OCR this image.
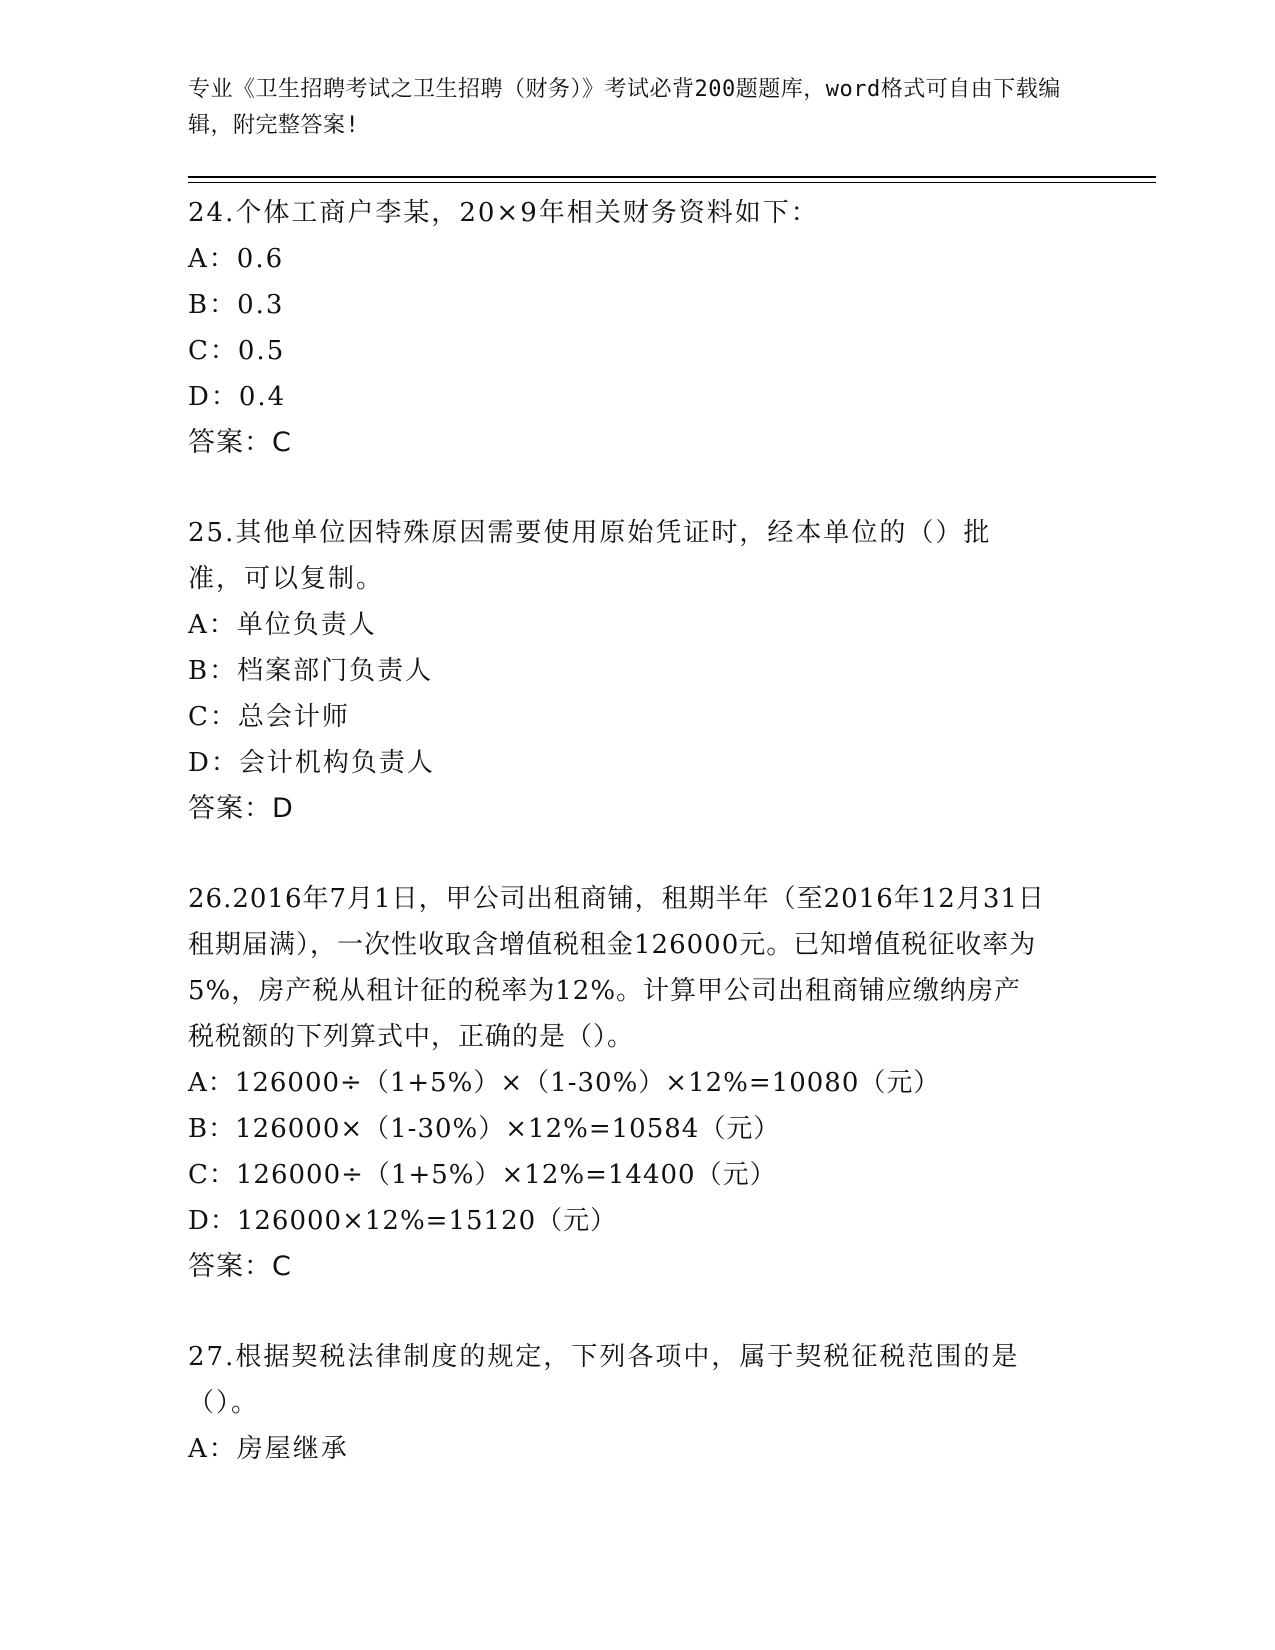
专业《卫生招聘考试之卫生招聘（财务）》考试必背200题题库，word格式可自由下载编辑，附完整答案!
24.个体工商户李某，20×9年相关财务资料如下：
A：0.6
B：0.3
C：0.5
D：0.4
答案：C
25.其他单位因特殊原因需要使用原始凭证时，经本单位的（）批准，可以复制。
A：单位负责人
B：档案部门负责人
C：总会计师
D：会计机构负责人
答案：D
26.2016年7月1日，甲公司出租商铺，租期半年（至2016年12月31日租期届满），一次性收取含增值税租金126000元。已知增值税征收率为5%，房产税从租计征的税率为12%。计算甲公司出租商铺应缴纳房产税税额的下列算式中，正确的是（）。
A：126000÷（1+5%）×（1-30%）×12%=10080（元）
B：126000×（1-30%）×12%=10584（元）
C：126000÷（1+5%）×12%=14400（元）
D：126000×12%=15120（元）
答案：C
27.根据契税法律制度的规定，下列各项中，属于契税征税范围的是（）。
A：房屋继承
